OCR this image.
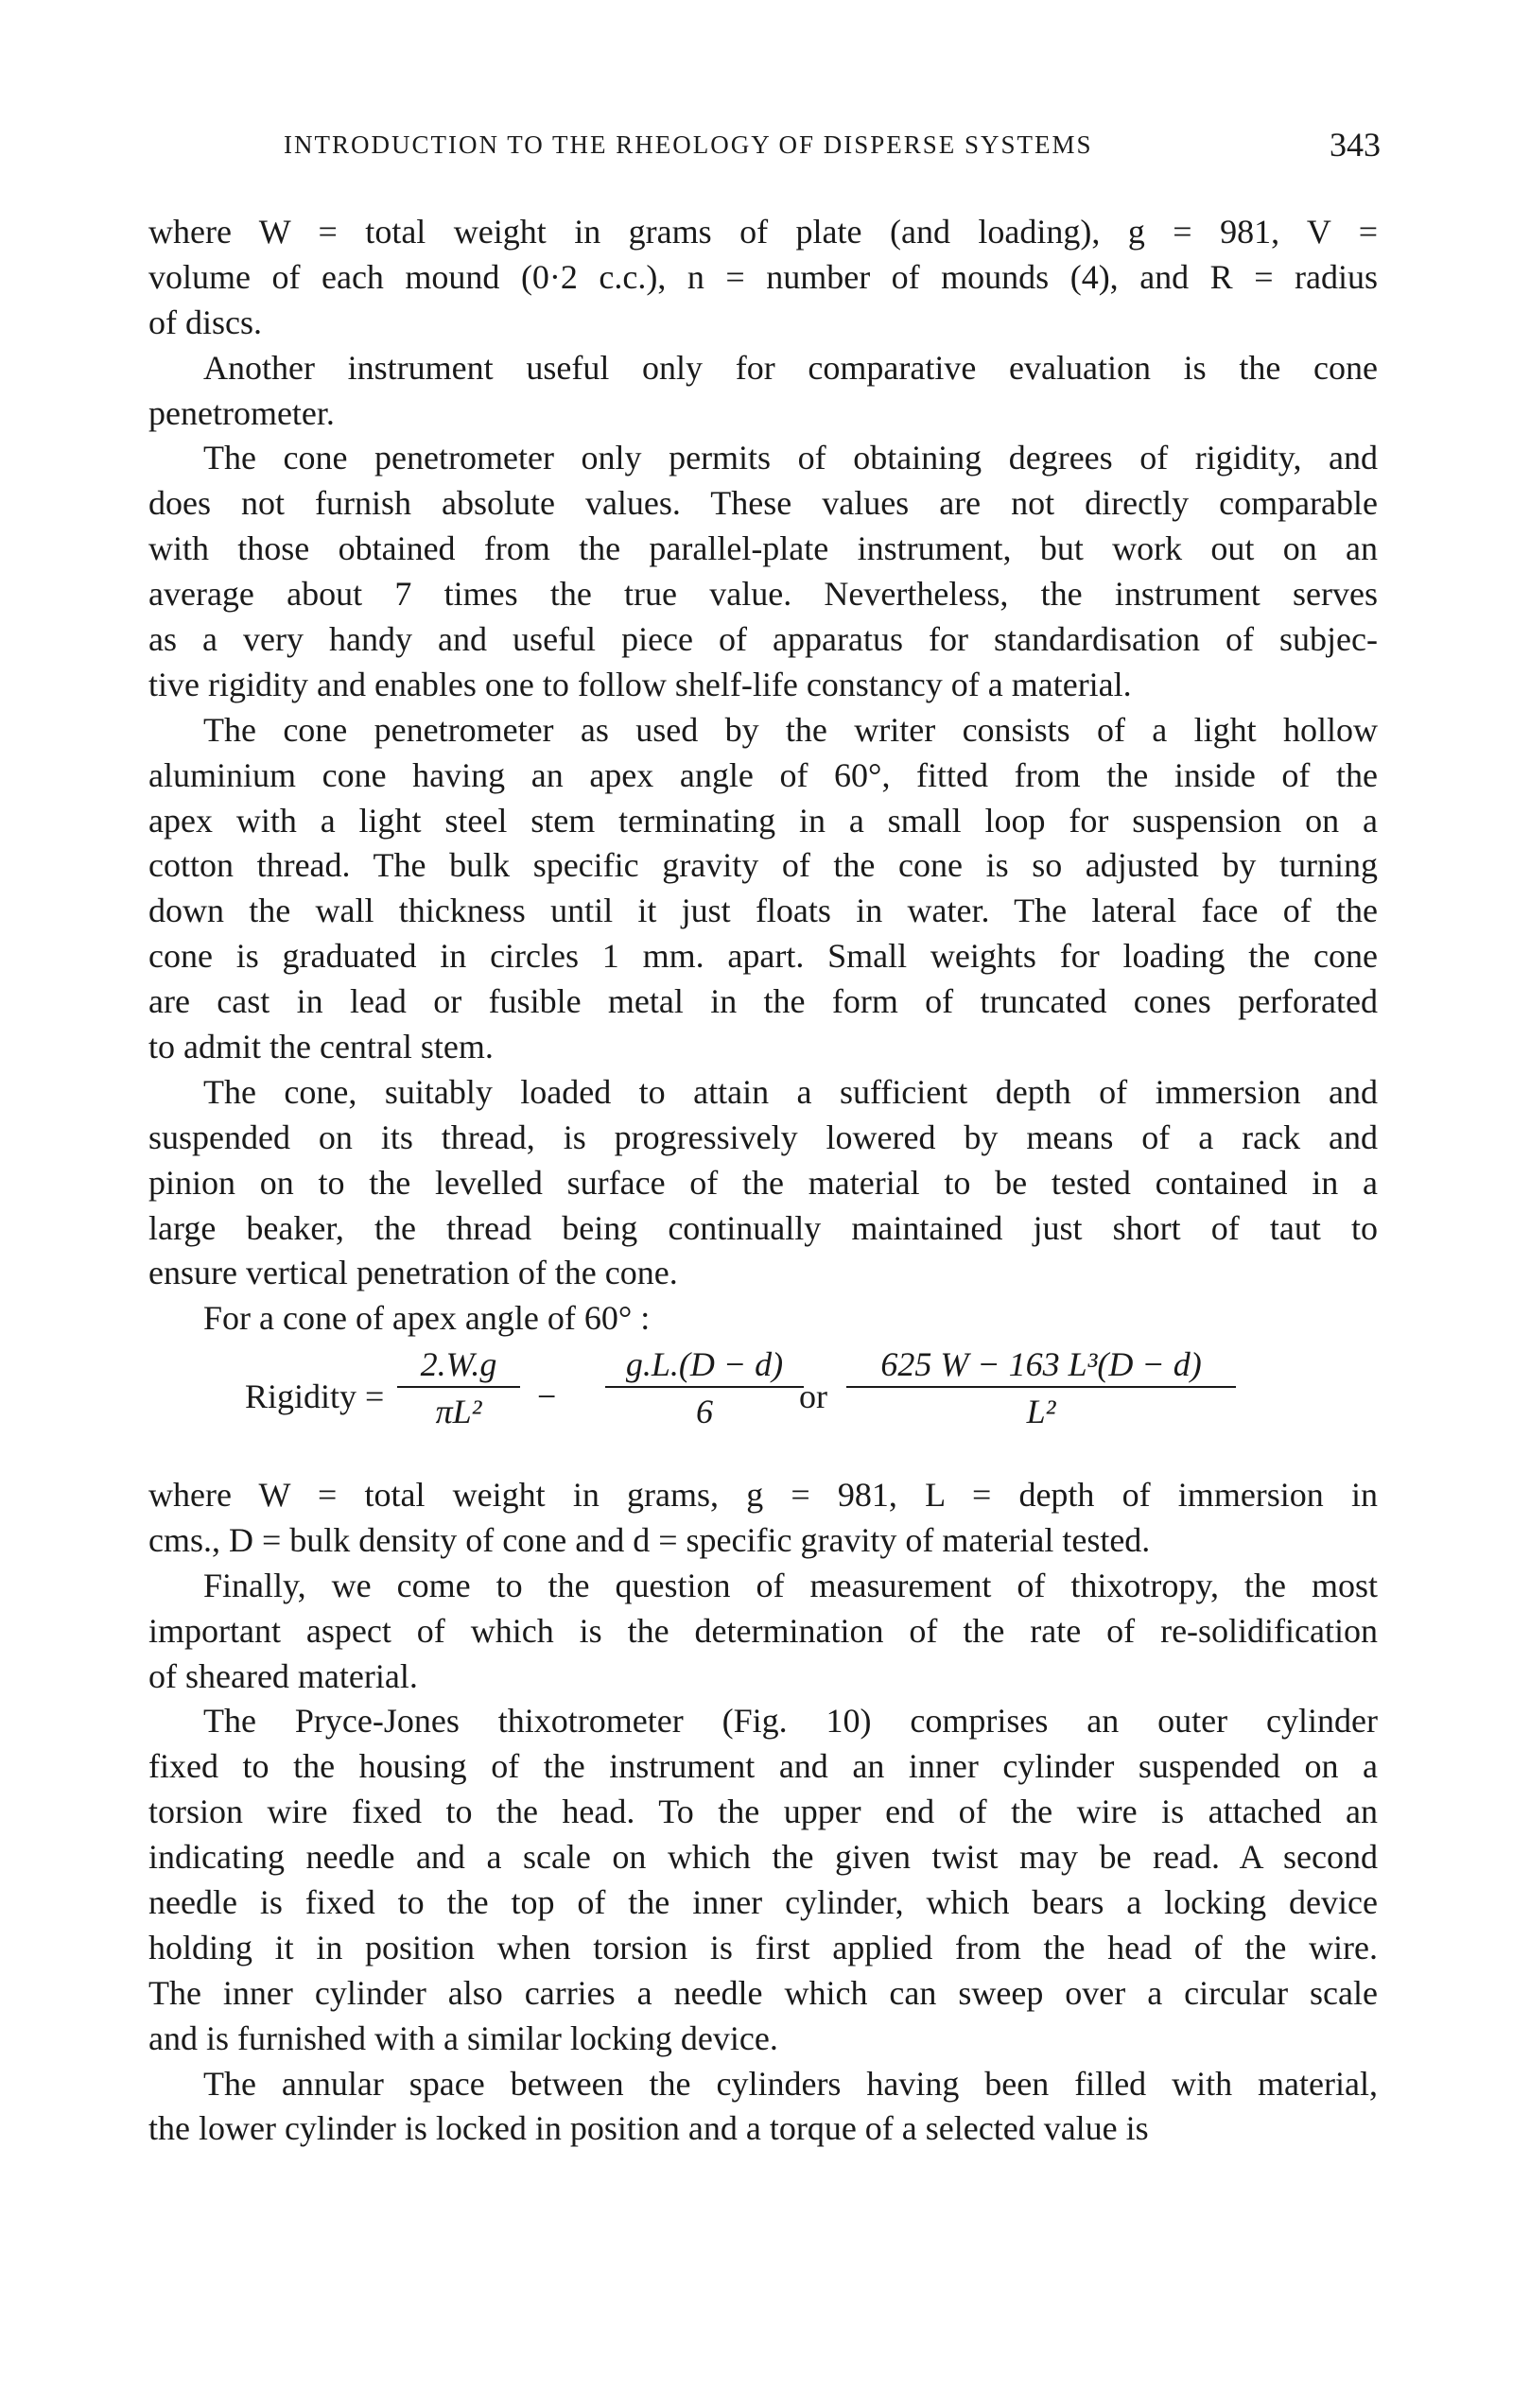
INTRODUCTION TO THE RHEOLOGY OF DISPERSE SYSTEMS	343
where W = total weight in grams of plate (and loading), g = 981, V =
volume of each mound (0·2 c.c.), n = number of mounds (4), and R = radius
of discs.
Another instrument useful only for comparative evaluation is the cone
penetrometer.
The cone penetrometer only permits of obtaining degrees of rigidity, and
does not furnish absolute values. These values are not directly comparable
with those obtained from the parallel-plate instrument, but work out on an
average about 7 times the true value. Nevertheless, the instrument serves
as a very handy and useful piece of apparatus for standardisation of subjec-
tive rigidity and enables one to follow shelf-life constancy of a material.
The cone penetrometer as used by the writer consists of a light hollow
aluminium cone having an apex angle of 60°, fitted from the inside of the
apex with a light steel stem terminating in a small loop for suspension on a
cotton thread. The bulk specific gravity of the cone is so adjusted by turning
down the wall thickness until it just floats in water. The lateral face of the
cone is graduated in circles 1 mm. apart. Small weights for loading the cone
are cast in lead or fusible metal in the form of truncated cones perforated
to admit the central stem.
The cone, suitably loaded to attain a sufficient depth of immersion and
suspended on its thread, is progressively lowered by means of a rack and
pinion on to the levelled surface of the material to be tested contained in a
large beaker, the thread being continually maintained just short of taut to
ensure vertical penetration of the cone.
For a cone of apex angle of 60° :
Rigidity =
2.W.g
πL²	−
g.L.(D − d)
6	or
625 W − 163 L³(D − d)
L²
where W = total weight in grams, g = 981, L = depth of immersion in
cms., D = bulk density of cone and d = specific gravity of material tested.
Finally, we come to the question of measurement of thixotropy, the most
important aspect of which is the determination of the rate of re-solidification
of sheared material.
The Pryce-Jones thixotrometer (Fig. 10) comprises an outer cylinder
fixed to the housing of the instrument and an inner cylinder suspended on a
torsion wire fixed to the head. To the upper end of the wire is attached an
indicating needle and a scale on which the given twist may be read. A second
needle is fixed to the top of the inner cylinder, which bears a locking device
holding it in position when torsion is first applied from the head of the wire.
The inner cylinder also carries a needle which can sweep over a circular scale
and is furnished with a similar locking device.
The annular space between the cylinders having been filled with material,
the lower cylinder is locked in position and a torque of a selected value is
